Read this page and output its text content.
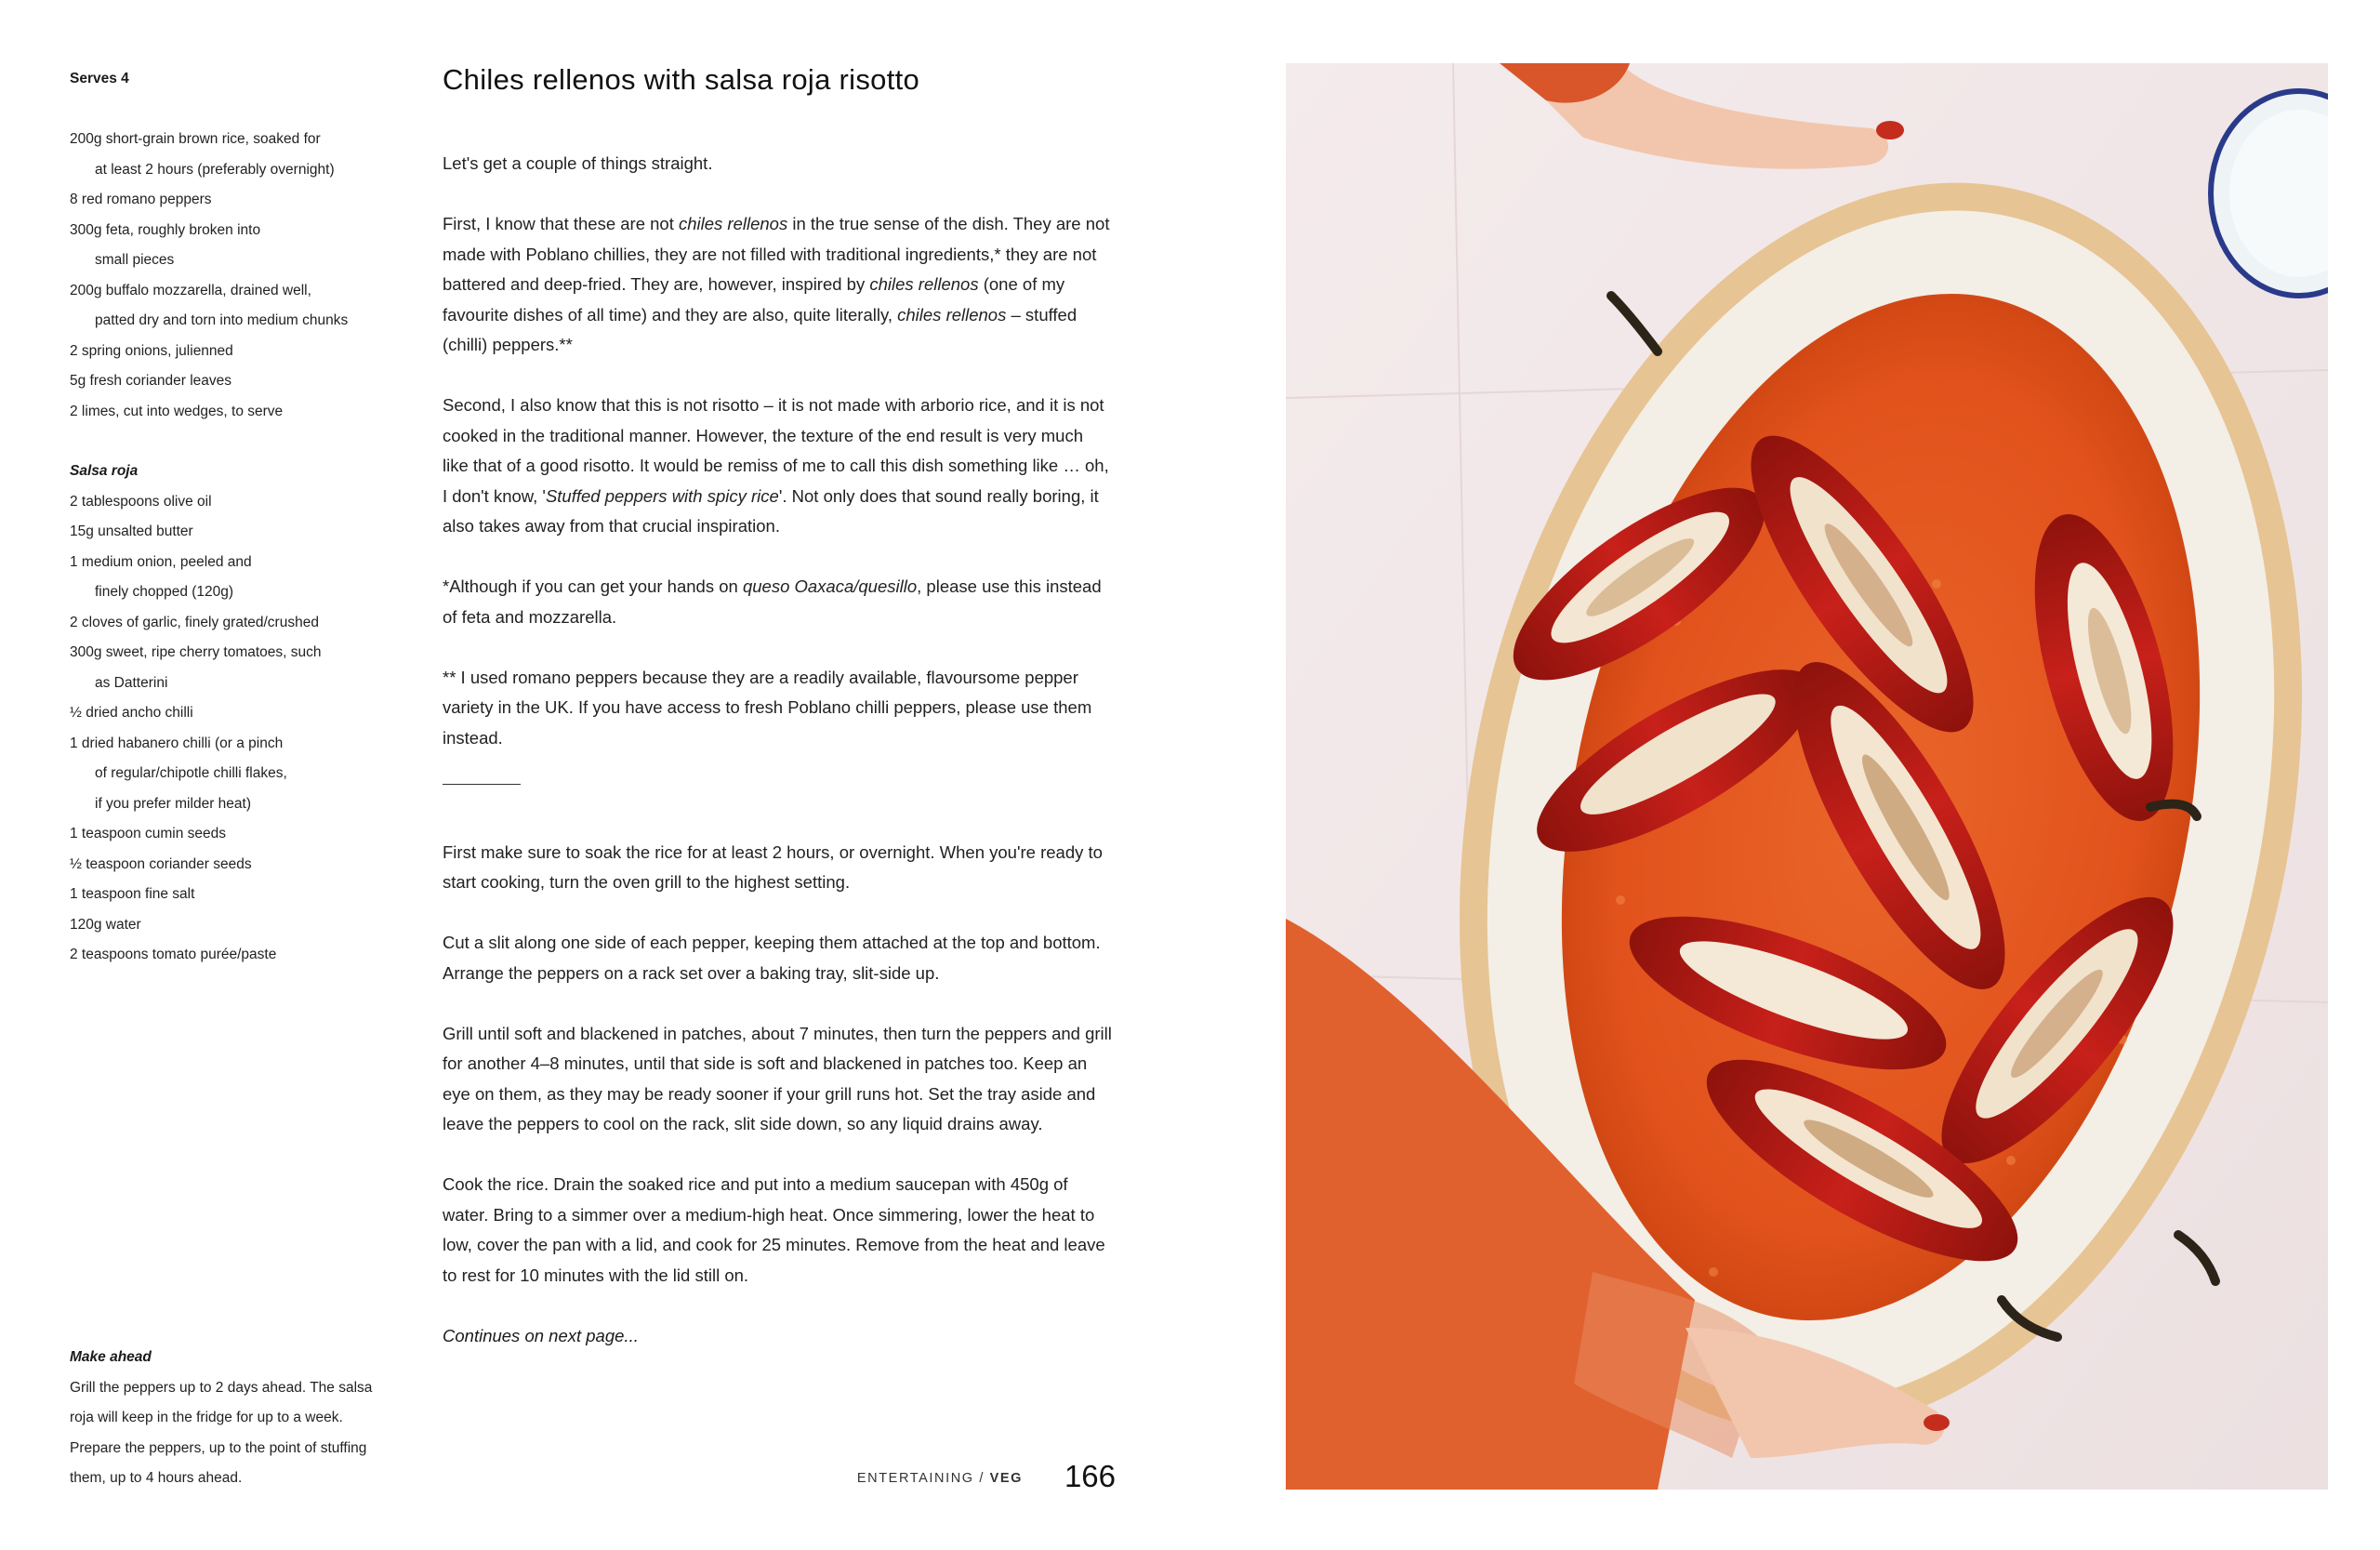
Serves 4

200g short-grain brown rice, soaked for
at least 2 hours (preferably overnight)
8 red romano peppers
300g feta, roughly broken into
small pieces
200g buffalo mozzarella, drained well,
patted dry and torn into medium chunks
2 spring onions, julienned
5g fresh coriander leaves
2 limes, cut into wedges, to serve

Salsa roja

2 tablespoons olive oil
15g unsalted butter
1 medium onion, peeled and
finely chopped (120g)
2 cloves of garlic, finely grated/crushed
300g sweet, ripe cherry tomatoes, such
as Datterini
½ dried ancho chilli
1 dried habanero chilli (or a pinch
of regular/chipotle chilli flakes,
if you prefer milder heat)
1 teaspoon cumin seeds
½ teaspoon coriander seeds
1 teaspoon fine salt
120g water
2 teaspoons tomato purée/paste

Make ahead

Grill the peppers up to 2 days ahead. The salsa roja will keep in the fridge for up to a week. Prepare the peppers, up to the point of stuffing them, up to 4 hours ahead.

Chiles rellenos with salsa roja risotto

Let's get a couple of things straight.

First, I know that these are not chiles rellenos in the true sense of the dish. They are not made with Poblano chillies, they are not filled with traditional ingredients,* they are not battered and deep-fried. They are, however, inspired by chiles rellenos (one of my favourite dishes of all time) and they are also, quite literally, chiles rellenos – stuffed (chilli) peppers.**

Second, I also know that this is not risotto – it is not made with arborio rice, and it is not cooked in the traditional manner. However, the texture of the end result is very much like that of a good risotto. It would be remiss of me to call this dish something like … oh, I don't know, 'Stuffed peppers with spicy rice'. Not only does that sound really boring, it also takes away from that crucial inspiration.

*Although if you can get your hands on queso Oaxaca/quesillo, please use this instead of feta and mozzarella.

** I used romano peppers because they are a readily available, flavoursome pepper variety in the UK. If you have access to fresh Poblano chilli peppers, please use them instead.

First make sure to soak the rice for at least 2 hours, or overnight. When you're ready to start cooking, turn the oven grill to the highest setting.

Cut a slit along one side of each pepper, keeping them attached at the top and bottom. Arrange the peppers on a rack set over a baking tray, slit-side up.

Grill until soft and blackened in patches, about 7 minutes, then turn the peppers and grill for another 4–8 minutes, until that side is soft and blackened in patches too. Keep an eye on them, as they may be ready sooner if your grill runs hot. Set the tray aside and leave the peppers to cool on the rack, slit side down, so any liquid drains away.

Cook the rice. Drain the soaked rice and put into a medium saucepan with 450g of water. Bring to a simmer over a medium-high heat. Once simmering, lower the heat to low, cover the pan with a lid, and cook for 25 minutes. Remove from the heat and leave to rest for 10 minutes with the lid still on.

Continues on next page...

ENTERTAINING / VEG 166
